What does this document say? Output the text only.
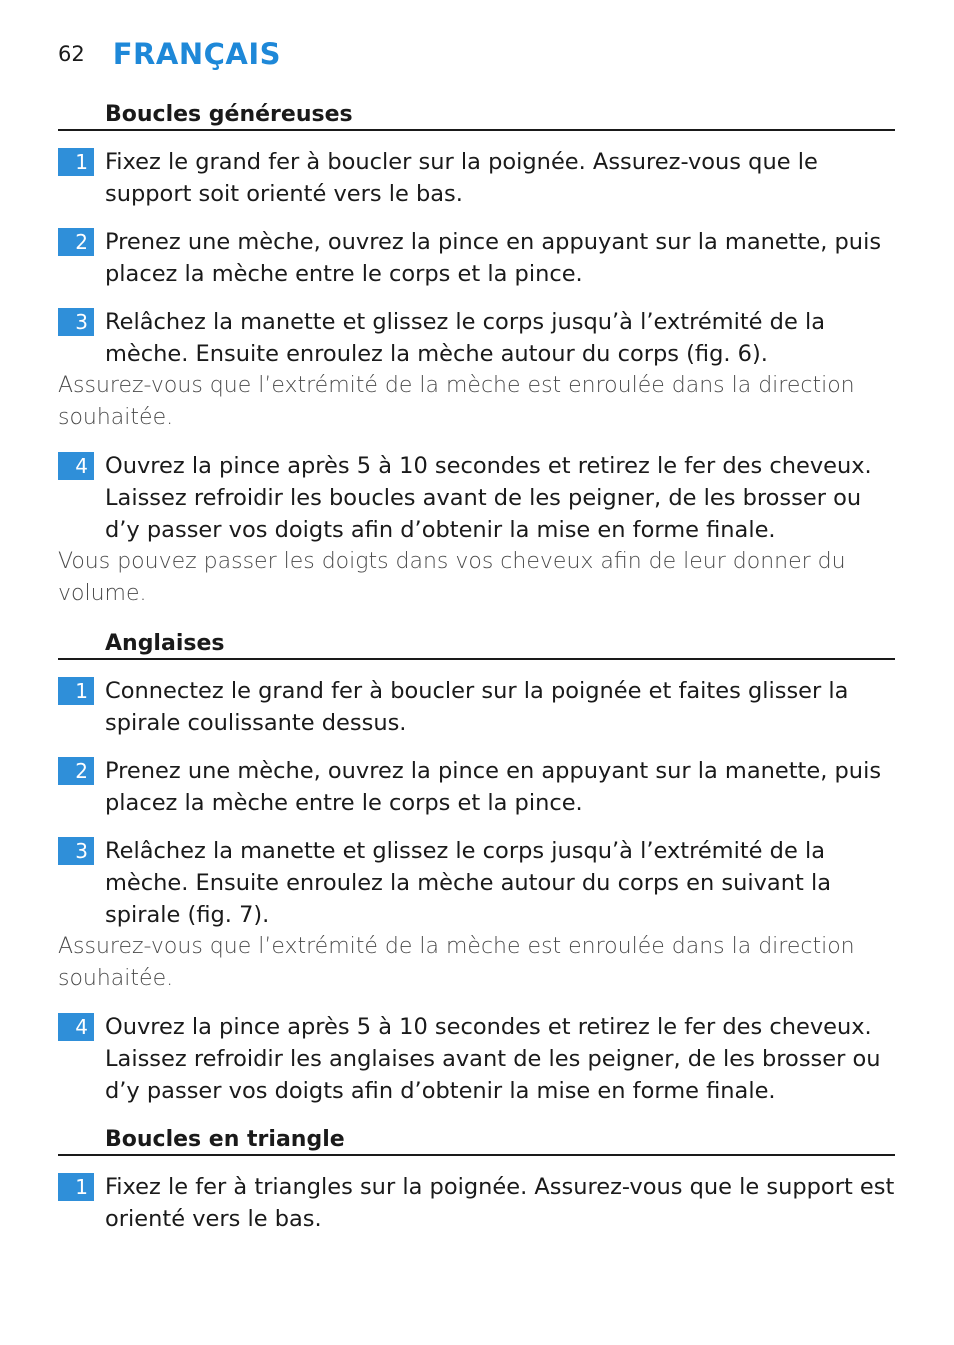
62 FRANÇAIS
Boucles généreuses
1 Fixez le grand fer à boucler sur la poignée. Assurez-vous que le support soit orienté vers le bas.
2 Prenez une mèche, ouvrez la pince en appuyant sur la manette, puis placez la mèche entre le corps et la pince.
3 Relâchez la manette et glissez le corps jusqu’à l’extrémité de la mèche. Ensuite enroulez la mèche autour du corps (fig. 6).
Assurez-vous que l’extrémité de la mèche est enroulée dans la direction souhaitée.
4 Ouvrez la pince après 5 à 10 secondes et retirez le fer des cheveux. Laissez refroidir les boucles avant de les peigner, de les brosser ou d’y passer vos doigts afin d’obtenir la mise en forme finale.
Vous pouvez passer les doigts dans vos cheveux afin de leur donner du volume.
Anglaises
1 Connectez le grand fer à boucler sur la poignée et faites glisser la spirale coulissante dessus.
2 Prenez une mèche, ouvrez la pince en appuyant sur la manette, puis placez la mèche entre le corps et la pince.
3 Relâchez la manette et glissez le corps jusqu’à l’extrémité de la mèche. Ensuite enroulez la mèche autour du corps en suivant la spirale (fig. 7).
Assurez-vous que l’extrémité de la mèche est enroulée dans la direction souhaitée.
4 Ouvrez la pince après 5 à 10 secondes et retirez le fer des cheveux. Laissez refroidir les anglaises avant de les peigner, de les brosser ou d’y passer vos doigts afin d’obtenir la mise en forme finale.
Boucles en triangle
1 Fixez le fer à triangles sur la poignée. Assurez-vous que le support est orienté vers le bas.
